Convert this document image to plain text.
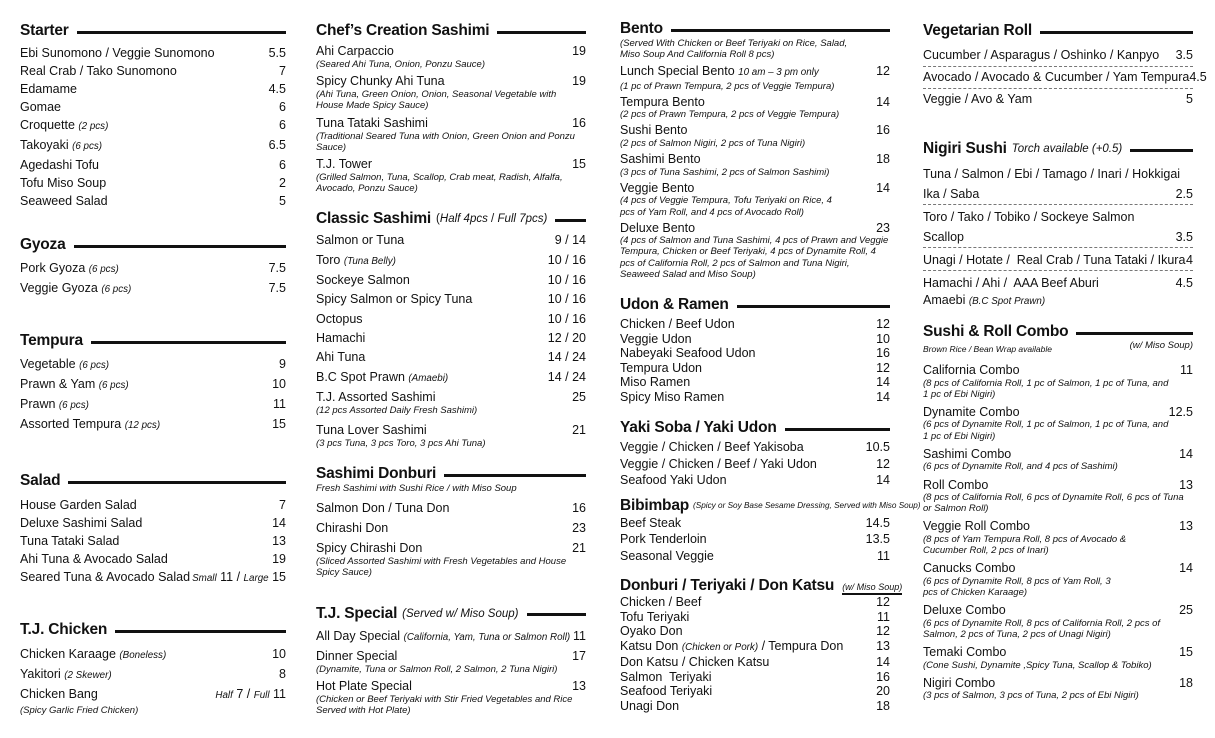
Starter
Ebi Sunomono / Veggie Sunomono	5.5
Real Crab / Tako Sunomono	7
Edamame	4.5
Gomae	6
Croquette (2 pcs)	6
Takoyaki (6 pcs)	6.5
Agedashi Tofu	6
Tofu Miso Soup	2
Seaweed Salad	5
Gyoza
Pork Gyoza (6 pcs)	7.5
Veggie Gyoza (6 pcs)	7.5
Tempura
Vegetable (6 pcs)	9
Prawn & Yam (6 pcs)	10
Prawn (6 pcs)	11
Assorted Tempura (12 pcs)	15
Salad
House Garden Salad	7
Deluxe Sashimi Salad	14
Tuna Tataki Salad	13
Ahi Tuna & Avocado Salad	19
Seared Tuna & Avocado Salad Small 11 / Large 15
T.J. Chicken
Chicken Karaage (Boneless)	10
Yakitori (2 Skewer)	8
Chicken Bang	Half 7 / Full 11
(Spicy Garlic Fried Chicken)
Chef’s Creation Sashimi
Ahi Carpaccio	19
(Seared Ahi Tuna, Onion, Ponzu Sauce)
Spicy Chunky Ahi Tuna	19
(Ahi Tuna, Green Onion, Onion, Seasonal Vegetable with House Made Spicy Sauce)
Tuna Tataki Sashimi	16
(Traditional Seared Tuna with Onion, Green Onion and Ponzu Sauce)
T.J. Tower	15
(Grilled Salmon, Tuna, Scallop, Crab meat, Radish, Alfalfa, Avocado, Ponzu Sauce)
Classic Sashimi (Half 4pcs / Full 7pcs)
Salmon or Tuna	9 / 14
Toro (Tuna Belly)	10 / 16
Sockeye Salmon	10 / 16
Spicy Salmon or Spicy Tuna	10 / 16
Octopus	10 / 16
Hamachi	12 / 20
Ahi Tuna	14 / 24
B.C Spot Prawn (Amaebi)	14 / 24
T.J. Assorted Sashimi	25
(12 pcs Assorted Daily Fresh Sashimi)
Tuna Lover Sashimi	21
(3 pcs Tuna, 3 pcs Toro, 3 pcs Ahi Tuna)
Sashimi Donburi
Fresh Sashimi with Sushi Rice / with Miso Soup
Salmon Don / Tuna Don	16
Chirashi Don	23
Spicy Chirashi Don	21
(Sliced Assorted Sashimi with Fresh Vegetables and House Spicy Sauce)
T.J. Special (Served w/ Miso Soup)
All Day Special (California, Yam, Tuna or Salmon Roll) 11
Dinner Special	17
(Dynamite, Tuna or Salmon Roll, 2 Salmon, 2 Tuna Nigiri)
Hot Plate Special	13
(Chicken or Beef Teriyaki with Stir Fried Vegetables and Rice Served with Hot Plate)
Bento
(Served With Chicken or Beef Teriyaki on Rice, Salad, Miso Soup And California Roll 8 pcs)
Lunch Special Bento 10 am – 3 pm only	12
(1 pc of Prawn Tempura, 2 pcs of Veggie Tempura)
Tempura Bento	14
(2 pcs of Prawn Tempura, 2 pcs of Veggie Tempura)
Sushi Bento	16
(2 pcs of Salmon Nigiri, 2 pcs of Tuna Nigiri)
Sashimi Bento	18
(3 pcs of Tuna Sashimi, 2 pcs of Salmon Sashimi)
Veggie Bento	14
(4 pcs of Veggie Tempura, Tofu Teriyaki on Rice, 4 pcs of Yam Roll, and 4 pcs of Avocado Roll)
Deluxe Bento	23
(4 pcs of Salmon and Tuna Sashimi, 4 pcs of Prawn and Veggie Tempura, Chicken or Beef Teriyaki, 4 pcs of Dynamite Roll, 4 pcs of California Roll, 2 pcs of Salmon and Tuna Nigiri, Seaweed Salad and Miso Soup)
Udon & Ramen
Chicken / Beef Udon	12
Veggie Udon	10
Nabeyaki Seafood Udon	16
Tempura Udon	12
Miso Ramen	14
Spicy Miso Ramen	14
Yaki Soba / Yaki Udon
Veggie / Chicken / Beef Yakisoba	10.5
Veggie / Chicken / Beef / Yaki Udon	12
Seafood Yaki Udon	14
Bibimbap (Spicy or Soy Base Sesame Dressing, Served with Miso Soup)
Beef Steak	14.5
Pork Tenderloin	13.5
Seasonal Veggie	11
Donburi / Teriyaki / Don Katsu (w/ Miso Soup)
Chicken / Beef	12
Tofu Teriyaki	11
Oyako Don	12
Katsu Don (Chicken or Pork) / Tempura Don	13
Don Katsu / Chicken Katsu	14
Salmon  Teriyaki	16
Seafood Teriyaki	20
Unagi Don	18
Vegetarian Roll
Cucumber / Asparagus / Oshinko / Kanpyo 3.5
Avocado / Avocado & Cucumber / Yam Tempura 4.5
Veggie / Avo & Yam	5
Nigiri Sushi Torch available (+0.5)
Tuna / Salmon / Ebi / Tamago / Inari / Hokkigai
Ika / Saba	2.5
Toro / Tako / Tobiko / Sockeye Salmon
Scallop	3.5
Unagi / Hotate /  Real Crab / Tuna Tataki / Ikura 4
Hamachi / Ahi /  AAA Beef Aburi	4.5
Amaebi (B.C Spot Prawn)
Sushi & Roll Combo
Brown Rice / Bean Wrap available	(w/ Miso Soup)
California Combo	11
(8 pcs of California Roll, 1 pc of Salmon, 1 pc of Tuna, and 1 pc of Ebi Nigiri)
Dynamite Combo	12.5
(6 pcs of Dynamite Roll, 1 pc of Salmon, 1 pc of Tuna, and 1 pc of Ebi Nigiri)
Sashimi Combo	14
(6 pcs of Dynamite Roll, and 4 pcs of Sashimi)
Roll Combo	13
(8 pcs of California Roll, 6 pcs of Dynamite Roll, 6 pcs of Tuna or Salmon Roll)
Veggie Roll Combo	13
(8 pcs of Yam Tempura Roll, 8 pcs of Avocado & Cucumber Roll, 2 pcs of Inari)
Canucks Combo	14
(6 pcs of Dynamite Roll, 8 pcs of Yam Roll, 3 pcs of Chicken Karaage)
Deluxe Combo	25
(6 pcs of Dynamite Roll, 8 pcs of California Roll, 2 pcs of Salmon, 2 pcs of Tuna, 2 pcs of Unagi Nigiri)
Temaki Combo	15
(Cone Sushi, Dynamite ,Spicy Tuna, Scallop & Tobiko)
Nigiri Combo	18
(3 pcs of Salmon, 3 pcs of Tuna, 2 pcs of Ebi Nigiri)
